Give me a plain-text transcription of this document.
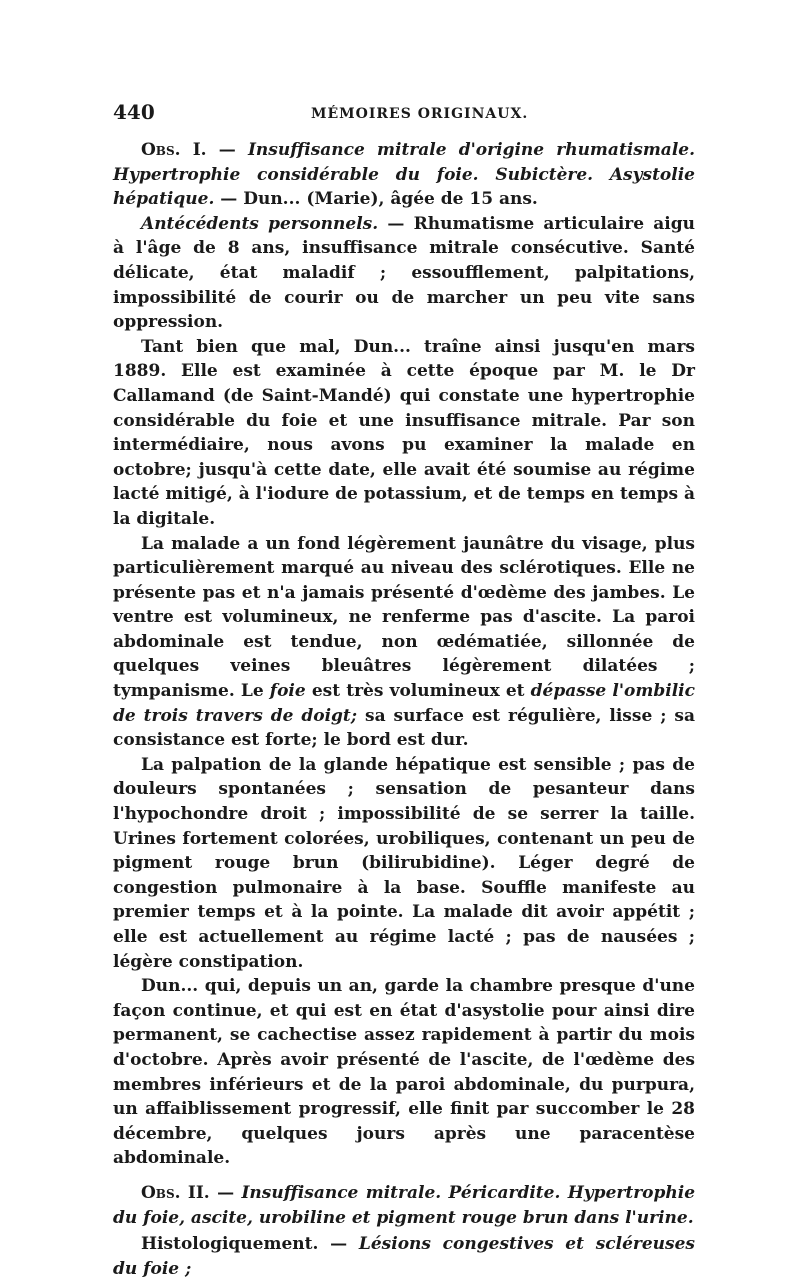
440	MÉMOIRES ORIGINAUX.

Obs. I. — Insuffisance mitrale d'origine rhumatismale. Hypertrophie considérable du foie. Subictère. Asystolie hépatique. — Dun... (Marie), âgée de 15 ans.

Antécédents personnels. — Rhumatisme articulaire aigu à l'âge de 8 ans, insuffisance mitrale consécutive. Santé délicate, état maladif ; essoufflement, palpitations, impossibilité de courir ou de marcher un peu vite sans oppression.

Tant bien que mal, Dun... traîne ainsi jusqu'en mars 1889. Elle est examinée à cette époque par M. le Dr Callamand (de Saint-Mandé) qui constate une hypertrophie considérable du foie et une insuffisance mitrale. Par son intermédiaire, nous avons pu examiner la malade en octobre; jusqu'à cette date, elle avait été soumise au régime lacté mitigé, à l'iodure de potassium, et de temps en temps à la digitale.

La malade a un fond légèrement jaunâtre du visage, plus particulièrement marqué au niveau des sclérotiques. Elle ne présente pas et n'a jamais présenté d'œdème des jambes. Le ventre est volumineux, ne renferme pas d'ascite. La paroi abdominale est tendue, non œdématiée, sillonnée de quelques veines bleuâtres légèrement dilatées ; tympanisme. Le foie est très volumineux et dépasse l'ombilic de trois travers de doigt; sa surface est régulière, lisse ; sa consistance est forte; le bord est dur.

La palpation de la glande hépatique est sensible ; pas de douleurs spontanées ; sensation de pesanteur dans l'hypochondre droit ; impossibilité de se serrer la taille. Urines fortement colorées, urobiliques, contenant un peu de pigment rouge brun (bilirubidine). Léger degré de congestion pulmonaire à la base. Souffle manifeste au premier temps et à la pointe. La malade dit avoir appétit ; elle est actuellement au régime lacté ; pas de nausées ; légère constipation.

Dun... qui, depuis un an, garde la chambre presque d'une façon continue, et qui est en état d'asystolie pour ainsi dire permanent, se cachectise assez rapidement à partir du mois d'octobre. Après avoir présenté de l'ascite, de l'œdème des membres inférieurs et de la paroi abdominale, du purpura, un affaiblissement progressif, elle finit par succomber le 28 décembre, quelques jours après une paracentèse abdominale.

Obs. II. — Insuffisance mitrale. Péricardite. Hypertrophie du foie, ascite, urobiline et pigment rouge brun dans l'urine.

Histologiquement. — Lésions congestives et scléreuses du foie ;
